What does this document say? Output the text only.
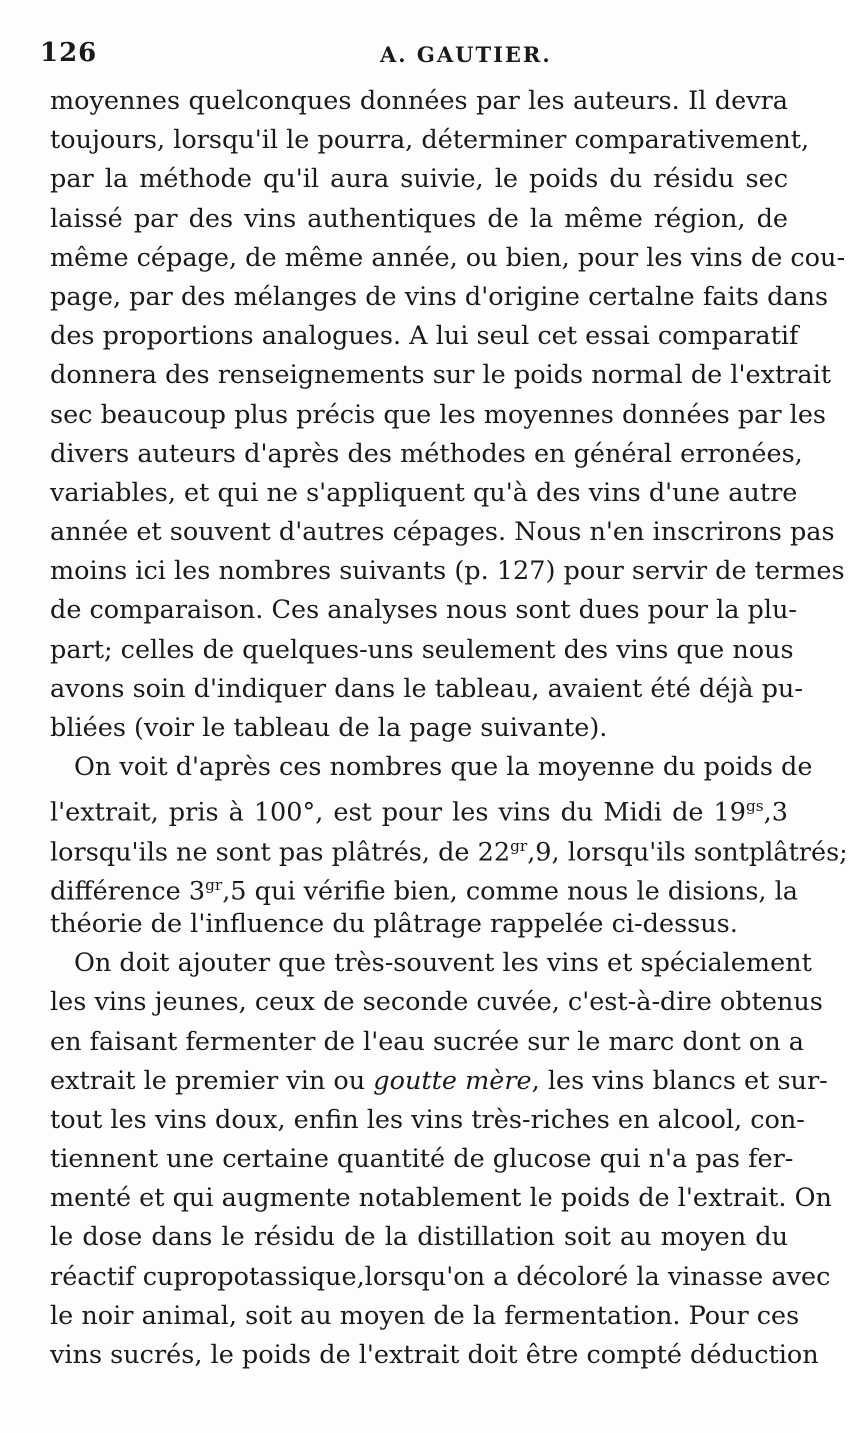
126	A. GAUTIER.
moyennes quelconques données par les auteurs. Il devra
toujours, lorsqu'il le pourra, déterminer comparativement,
par la méthode qu'il aura suivie, le poids du résidu sec
laissé par des vins authentiques de la même région, de
même cépage, de même année, ou bien, pour les vins de cou-
page, par des mélanges de vins d'origine certalne faits dans
des proportions analogues. A lui seul cet essai comparatif
donnera des renseignements sur le poids normal de l'extrait
sec beaucoup plus précis que les moyennes données par les
divers auteurs d'après des méthodes en général erronées,
variables, et qui ne s'appliquent qu'à des vins d'une autre
année et souvent d'autres cépages. Nous n'en inscrirons pas
moins ici les nombres suivants (p. 127) pour servir de termes
de comparaison. Ces analyses nous sont dues pour la plu-
part; celles de quelques-uns seulement des vins que nous
avons soin d'indiquer dans le tableau, avaient été déjà pu-
bliées (voir le tableau de la page suivante).
On voit d'après ces nombres que la moyenne du poids de
l'extrait, pris à 100°, est pour les vins du Midi de $19^{gs},3$
lorsqu'ils ne sont pas plâtrés, de $22^{gr},9$, lorsqu'ils sontplâtrés;
différence $3^{gr},5$ qui vérifie bien, comme nous le disions, la
théorie de l'influence du plâtrage rappelée ci-dessus.
On doit ajouter que très-souvent les vins et spécialement
les vins jeunes, ceux de seconde cuvée, c'est-à-dire obtenus
en faisant fermenter de l'eau sucrée sur le marc dont on a
extrait le premier vin ou goutte mère, les vins blancs et sur-
tout les vins doux, enfin les vins très-riches en alcool, con-
tiennent une certaine quantité de glucose qui n'a pas fer-
menté et qui augmente notablement le poids de l'extrait. On
le dose dans le résidu de la distillation soit au moyen du
réactif cupropotassique,lorsqu'on a décoloré la vinasse avec
le noir animal, soit au moyen de la fermentation. Pour ces
vins sucrés, le poids de l'extrait doit être compté déduction
